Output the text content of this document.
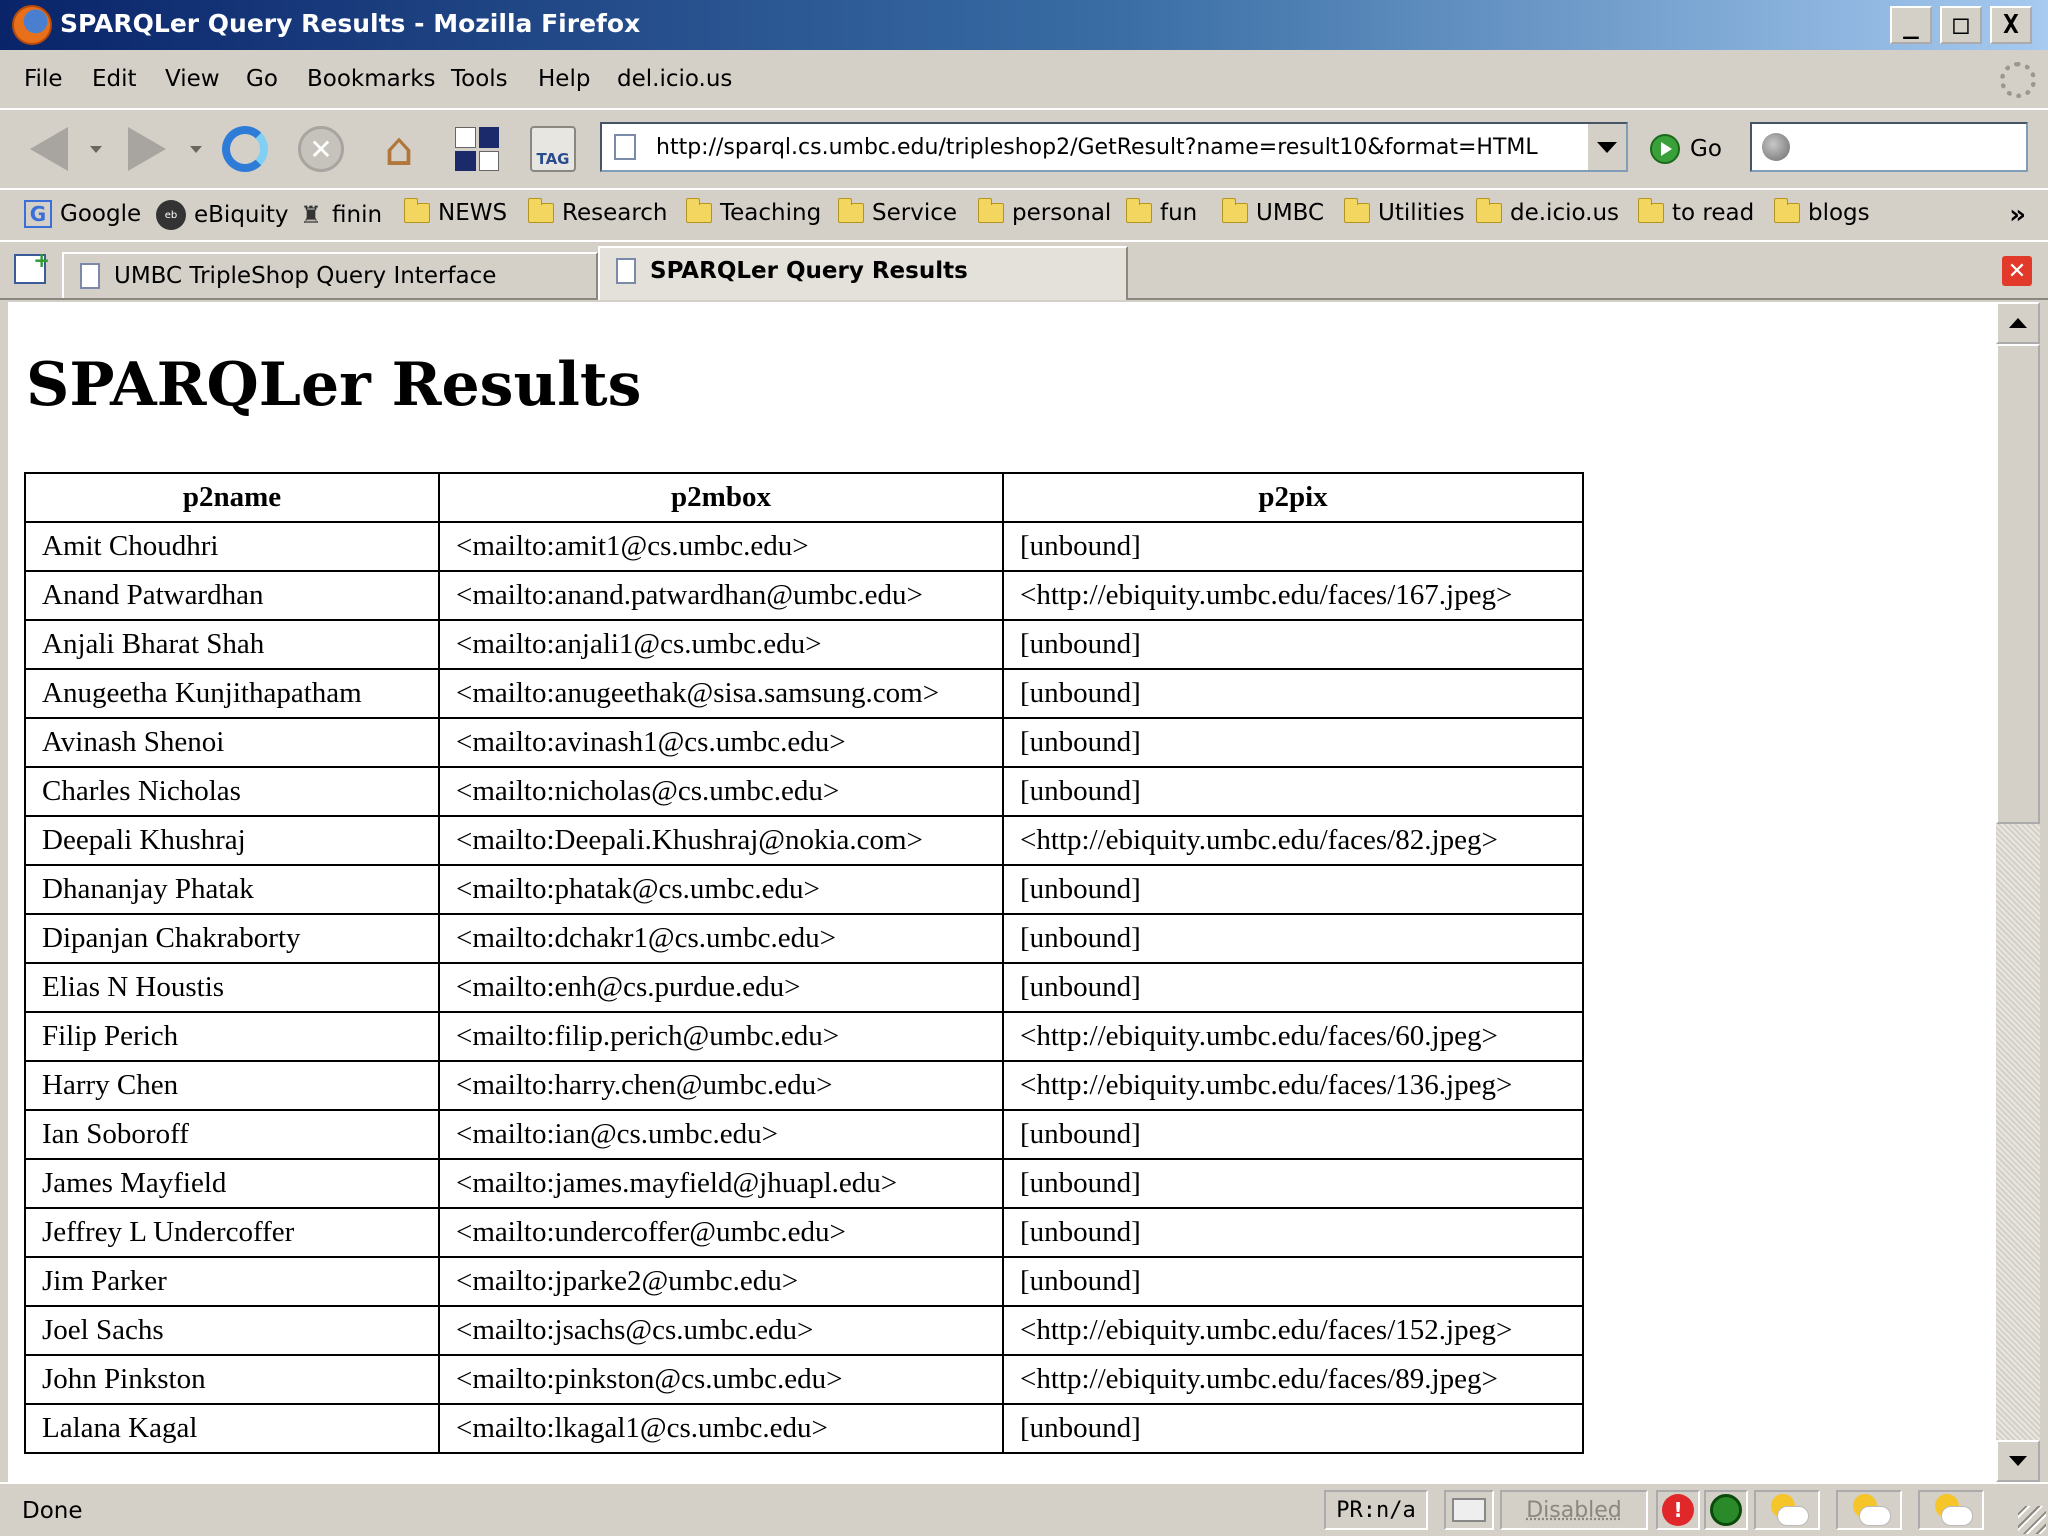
SPARQLer Query Results - Mozilla Firefox	_	□	X
File Edit View Go Bookmarks Tools Help del.icio.us
✕ ⌂	TAG	http://sparql.cs.umbc.edu/tripleshop2/GetResult?name=result10&format=HTML	Go
G Google	eb eBiquity ♜ finin NEWS Research Teaching Service personal fun	UMBC Utilities de.icio.us to read blogs	»
+
UMBC TripleShop Query Interface	SPARQLer Query Results	✕
SPARQLer Results
p2name	p2mbox	p2pix
Amit Choudhri	<mailto:amit1@cs.umbc.edu>	[unbound]
Anand Patwardhan	<mailto:anand.patwardhan@umbc.edu>	<http://ebiquity.umbc.edu/faces/167.jpeg>
Anjali Bharat Shah	<mailto:anjali1@cs.umbc.edu>	[unbound]
Anugeetha Kunjithapatham	<mailto:anugeethak@sisa.samsung.com>	[unbound]
Avinash Shenoi	<mailto:avinash1@cs.umbc.edu>	[unbound]
Charles Nicholas	<mailto:nicholas@cs.umbc.edu>	[unbound]
Deepali Khushraj	<mailto:Deepali.Khushraj@nokia.com>	<http://ebiquity.umbc.edu/faces/82.jpeg>
Dhananjay Phatak	<mailto:phatak@cs.umbc.edu>	[unbound]
Dipanjan Chakraborty	<mailto:dchakr1@cs.umbc.edu>	[unbound]
Elias N Houstis	<mailto:enh@cs.purdue.edu>	[unbound]
Filip Perich	<mailto:filip.perich@umbc.edu>	<http://ebiquity.umbc.edu/faces/60.jpeg>
Harry Chen	<mailto:harry.chen@umbc.edu>	<http://ebiquity.umbc.edu/faces/136.jpeg>
Ian Soboroff	<mailto:ian@cs.umbc.edu>	[unbound]
James Mayfield	<mailto:james.mayfield@jhuapl.edu>	[unbound]
Jeffrey L Undercoffer	<mailto:undercoffer@umbc.edu>	[unbound]
Jim Parker	<mailto:jparke2@umbc.edu>	[unbound]
Joel Sachs	<mailto:jsachs@cs.umbc.edu>	<http://ebiquity.umbc.edu/faces/152.jpeg>
John Pinkston	<mailto:pinkston@cs.umbc.edu>	<http://ebiquity.umbc.edu/faces/89.jpeg>
Lalana Kagal	<mailto:lkagal1@cs.umbc.edu>	[unbound]
Done	PR:n/a	Disabled	!
